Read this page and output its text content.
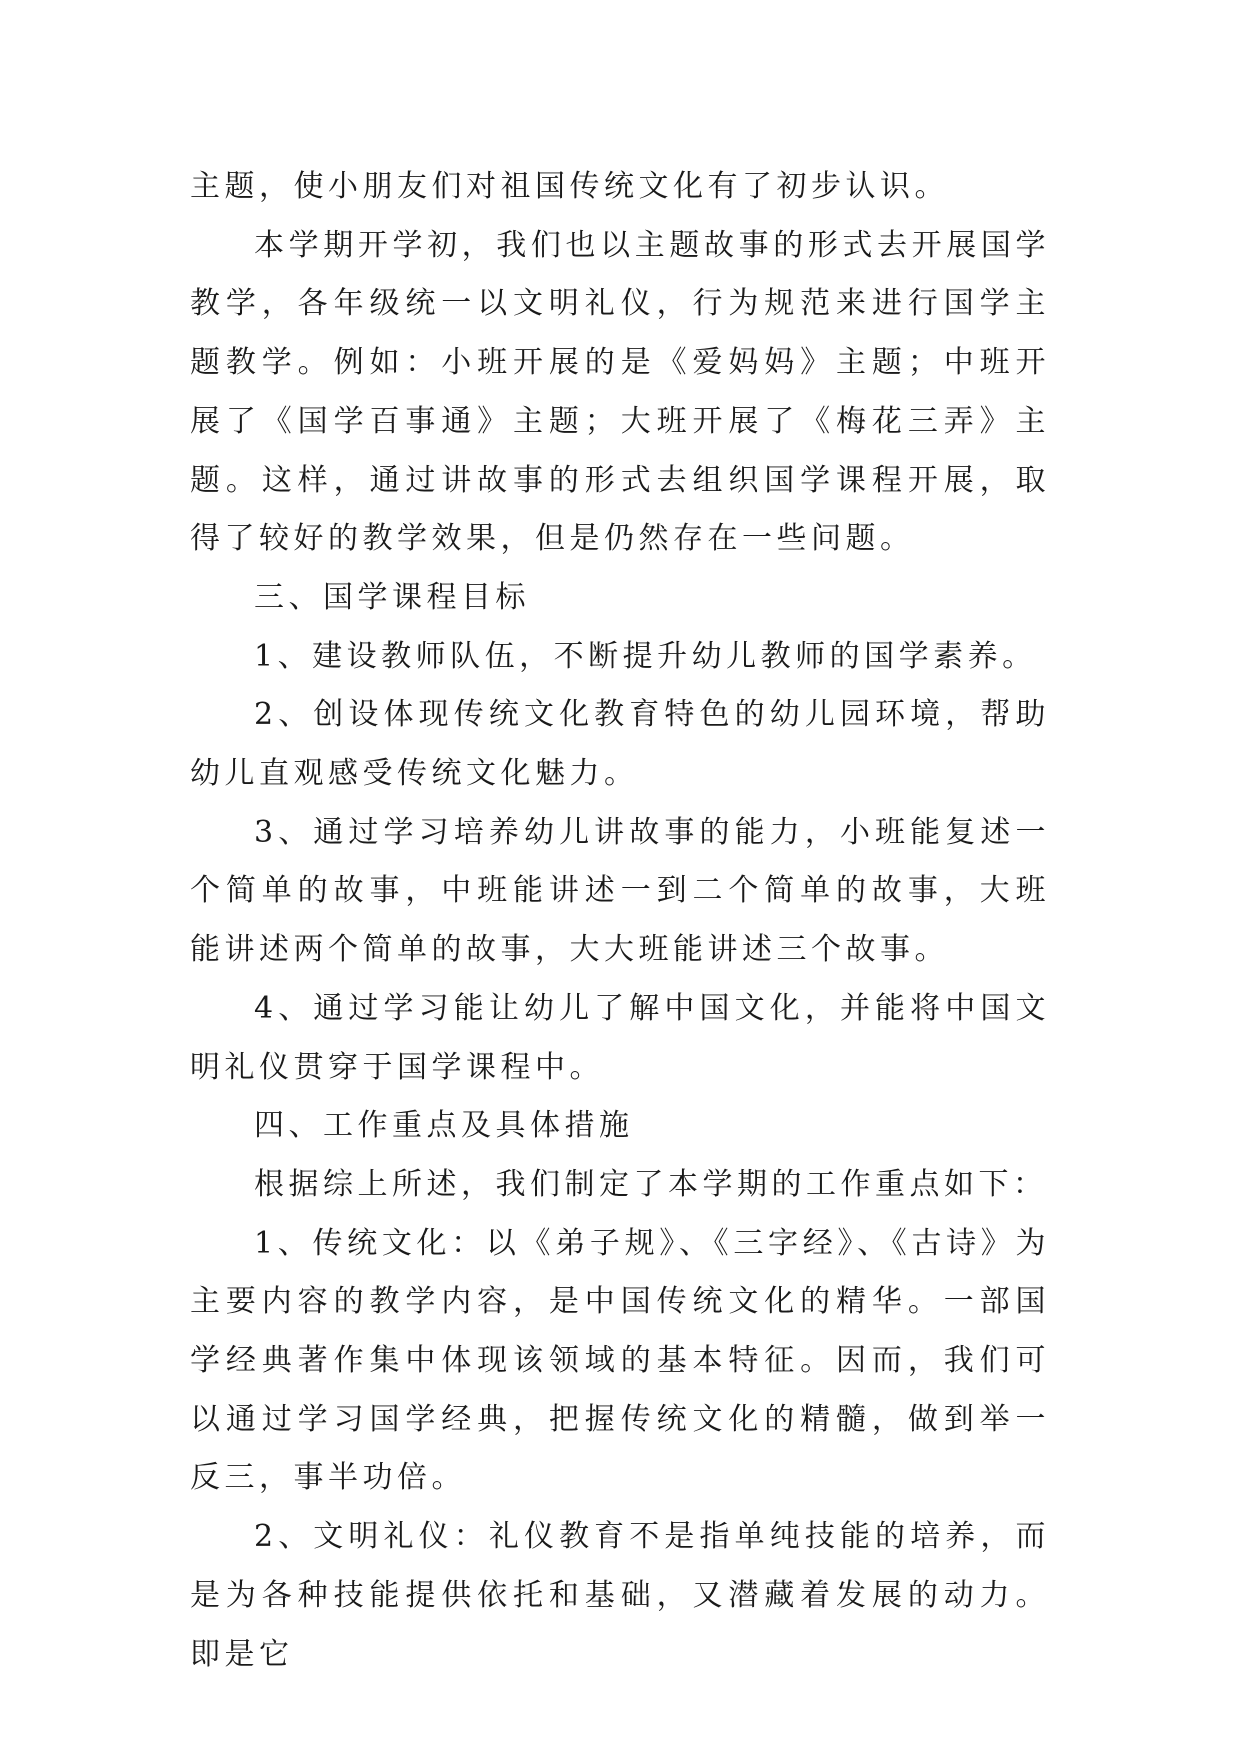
主题，使小朋友们对祖国传统文化有了初步认识。

本学期开学初，我们也以主题故事的形式去开展国学教学，各年级统一以文明礼仪，行为规范来进行国学主题教学。例如：小班开展的是《爱妈妈》主题；中班开展了《国学百事通》主题；大班开展了《梅花三弄》主题。这样，通过讲故事的形式去组织国学课程开展，取得了较好的教学效果，但是仍然存在一些问题。

三、国学课程目标

1、建设教师队伍，不断提升幼儿教师的国学素养。

2、创设体现传统文化教育特色的幼儿园环境，帮助幼儿直观感受传统文化魅力。

3、通过学习培养幼儿讲故事的能力，小班能复述一个简单的故事，中班能讲述一到二个简单的故事，大班能讲述两个简单的故事，大大班能讲述三个故事。

4、通过学习能让幼儿了解中国文化，并能将中国文明礼仪贯穿于国学课程中。

四、工作重点及具体措施

根据综上所述，我们制定了本学期的工作重点如下：

1、传统文化：以《弟子规》、《三字经》、《古诗》为主要内容的教学内容，是中国传统文化的精华。一部国学经典著作集中体现该领域的基本特征。因而，我们可以通过学习国学经典，把握传统文化的精髓，做到举一反三，事半功倍。

2、文明礼仪：礼仪教育不是指单纯技能的培养，而是为各种技能提供依托和基础，又潜藏着发展的动力。即是它
